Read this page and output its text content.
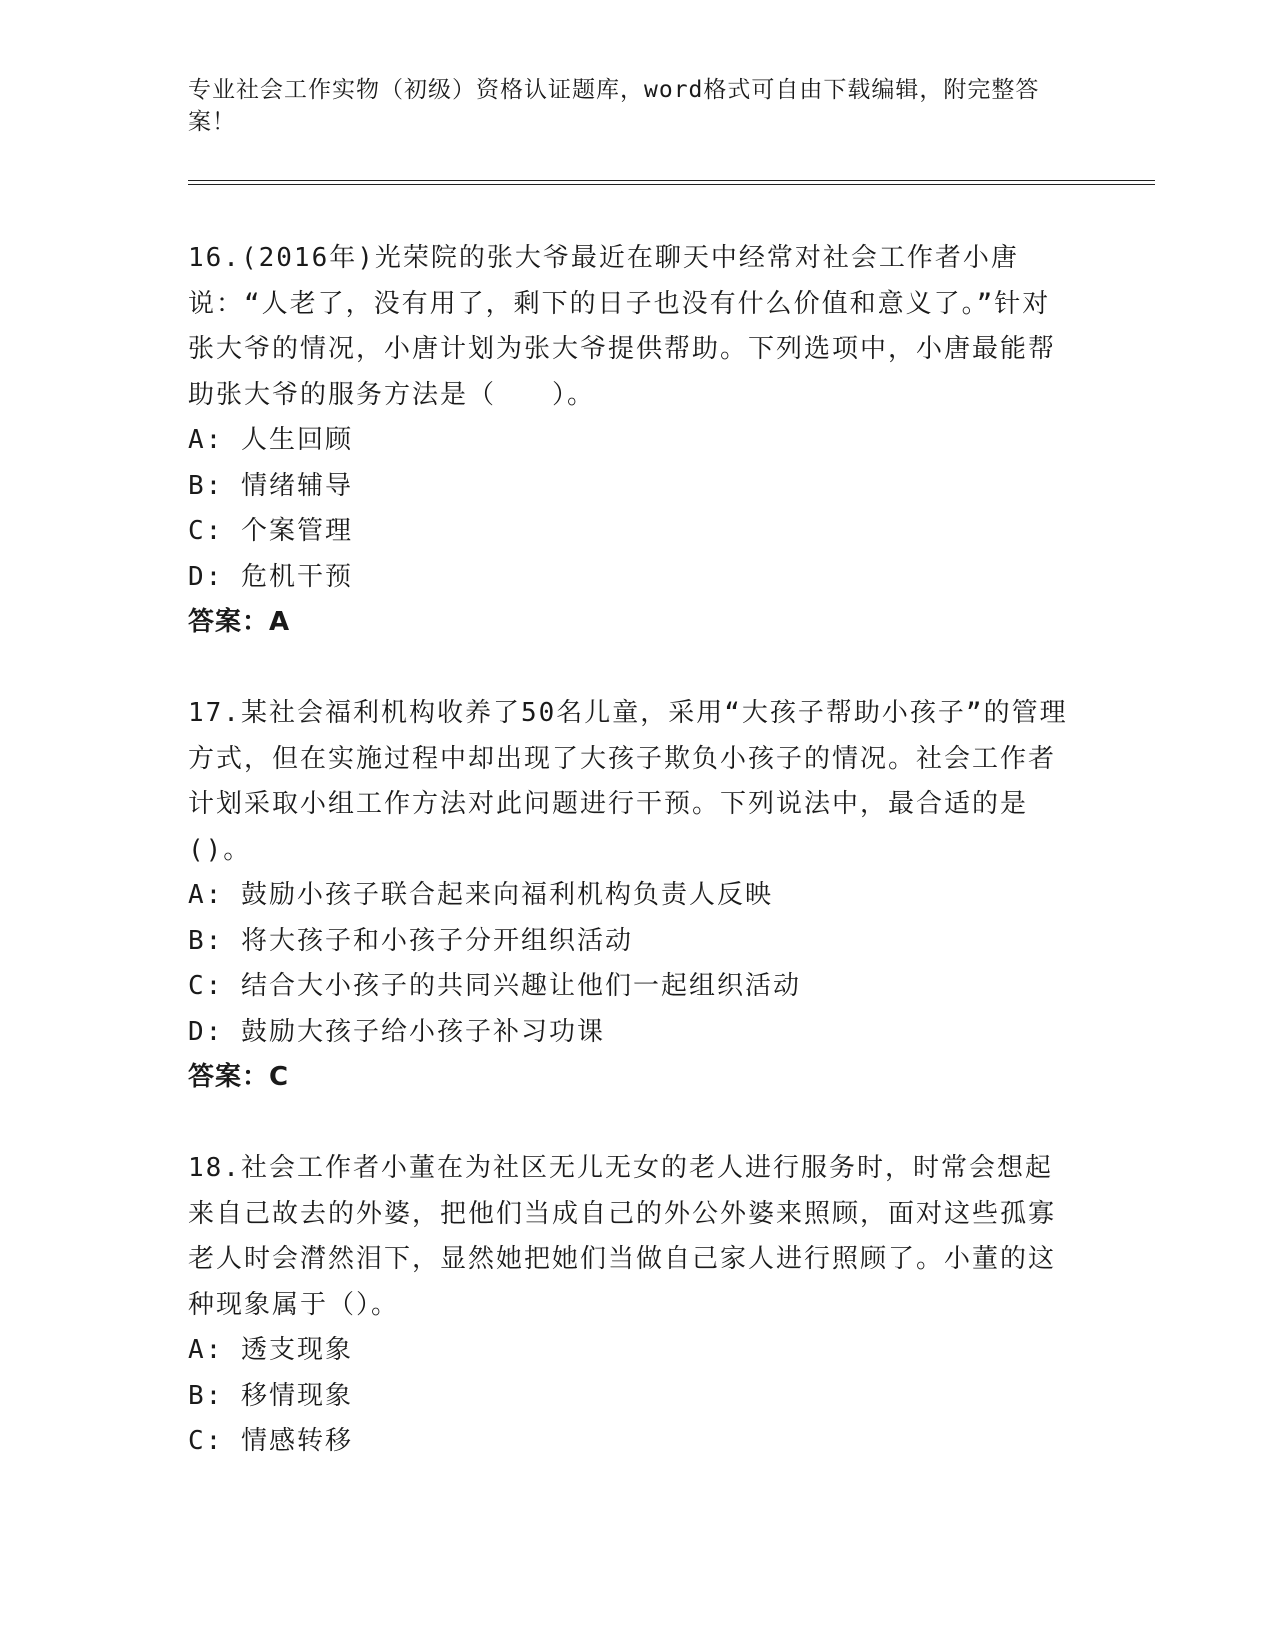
专业社会工作实物（初级）资格认证题库，word格式可自由下载编辑，附完整答案！
16.(2016年)光荣院的张大爷最近在聊天中经常对社会工作者小唐说：“人老了，没有用了，剩下的日子也没有什么价值和意义了。”针对张大爷的情况，小唐计划为张大爷提供帮助。下列选项中，小唐最能帮助张大爷的服务方法是（　　）。
A: 人生回顾
B: 情绪辅导
C: 个案管理
D: 危机干预
答案：A
17.某社会福利机构收养了50名儿童，采用“大孩子帮助小孩子”的管理方式，但在实施过程中却出现了大孩子欺负小孩子的情况。社会工作者计划采取小组工作方法对此问题进行干预。下列说法中，最合适的是()。
A: 鼓励小孩子联合起来向福利机构负责人反映
B: 将大孩子和小孩子分开组织活动
C: 结合大小孩子的共同兴趣让他们一起组织活动
D: 鼓励大孩子给小孩子补习功课
答案：C
18.社会工作者小董在为社区无儿无女的老人进行服务时，时常会想起来自己故去的外婆，把他们当成自己的外公外婆来照顾，面对这些孤寡老人时会潸然泪下，显然她把她们当做自己家人进行照顾了。小董的这种现象属于（）。
A: 透支现象
B: 移情现象
C: 情感转移
